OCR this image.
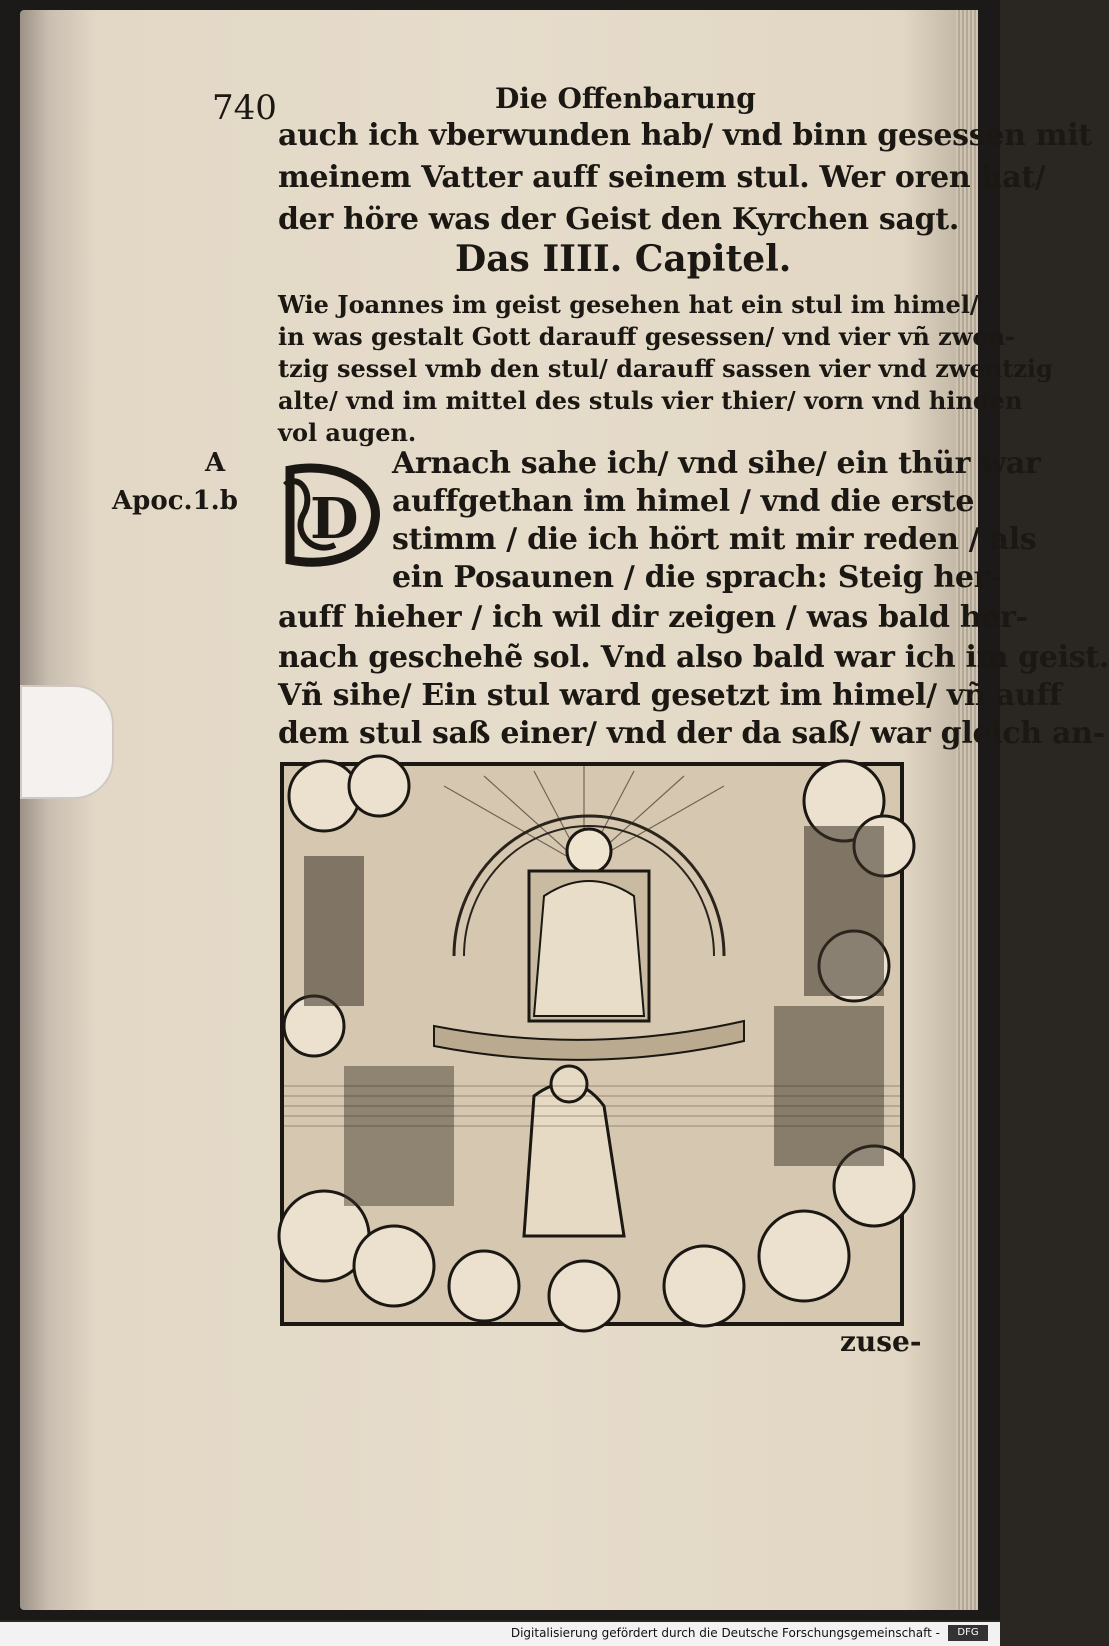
740	Die Offenbarung
auch ich vberwunden hab/ vnd binn gesessen mit
meinem Vatter auff seinem stul. Wer oren hat/
der höre was der Geist den Kyrchen sagt.
Das IIII. Capitel.
Wie Joannes im geist gesehen hat ein stul im himel/
in was gestalt Gott darauff gesessen/ vnd vier vñ zwen-
tzig sessel vmb den stul/ darauff sassen vier vnd zwentzig
alte/ vnd im mittel des stuls vier thier/ vorn vnd hinden
vol augen.
A
Apoc.1.b D
Arnach sahe ich/ vnd sihe/ ein thür war
auffgethan im himel / vnd die erste
stimm / die ich hört mit mir reden / als
ein Posaunen / die sprach: Steig her-
auff hieher / ich wil dir zeigen / was bald her-
nach geschehẽ sol. Vnd also bald war ich im geist.
Vñ sihe/ Ein stul ward gesetzt im himel/ vñ auff
dem stul saß einer/ vnd der da saß/ war gleich an-
zuse-
Digitalisierung gefördert durch die Deutsche Forschungsgemeinschaft -	DFG
